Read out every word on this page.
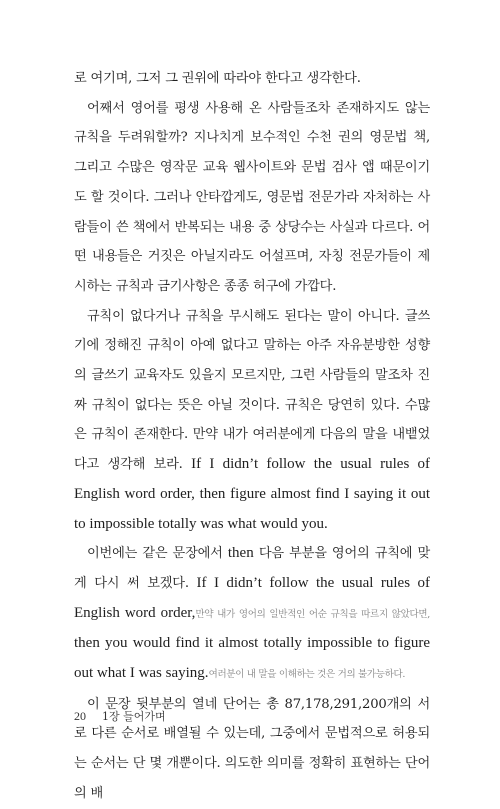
로 여기며, 그저 그 권위에 따라야 한다고 생각한다.

어째서 영어를 평생 사용해 온 사람들조차 존재하지도 않는 규칙을 두려워할까? 지나치게 보수적인 수천 권의 영문법 책, 그리고 수많은 영작문 교육 웹사이트와 문법 검사 앱 때문이기도 할 것이다. 그러나 안타깝게도, 영문법 전문가라 자처하는 사람들이 쓴 책에서 반복되는 내용 중 상당수는 사실과 다르다. 어떤 내용들은 거짓은 아닐지라도 어설프며, 자칭 전문가들이 제시하는 규칙과 금기사항은 종종 허구에 가깝다.

규칙이 없다거나 규칙을 무시해도 된다는 말이 아니다. 글쓰기에 정해진 규칙이 아예 없다고 말하는 아주 자유분방한 성향의 글쓰기 교육자도 있을지 모르지만, 그런 사람들의 말조차 진짜 규칙이 없다는 뜻은 아닐 것이다. 규칙은 당연히 있다. 수많은 규칙이 존재한다. 만약 내가 여러분에게 다음의 말을 내뱉었다고 생각해 보라. If I didn’t follow the usual rules of English word order, then figure almost find I saying it out to impossible totally was what would you.

이번에는 같은 문장에서 then 다음 부분을 영어의 규칙에 맞게 다시 써 보겠다. If I didn’t follow the usual rules of English word order,만약 내가 영어의 일반적인 어순 규칙을 따르지 않았다면, then you would find it almost totally impossible to figure out what I was saying.여러분이 내 말을 이해하는 것은 거의 불가능하다.

이 문장 뒷부분의 열네 단어는 총 87,178,291,200개의 서로 다른 순서로 배열될 수 있는데, 그중에서 문법적으로 허용되는 순서는 단 몇 개뿐이다. 의도한 의미를 정확히 표현하는 단어의 배

20 1장 들어가며
